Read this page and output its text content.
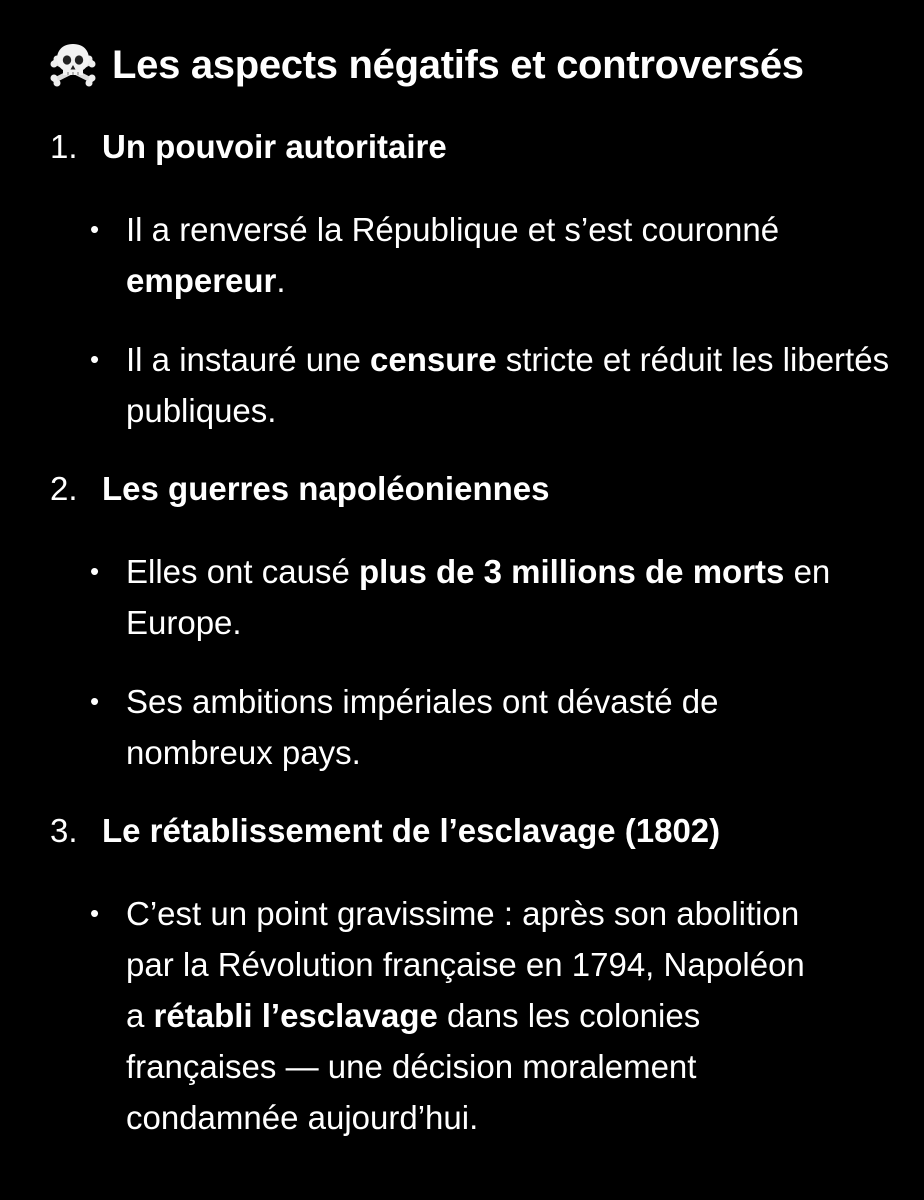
Les aspects négatifs et controversés
1. Un pouvoir autoritaire
• Il a renversé la République et s’est couronné
empereur.
• Il a instauré une censure stricte et réduit les libertés publiques.
2. Les guerres napoléoniennes
• Elles ont causé plus de 3 millions de morts en Europe.
• Ses ambitions impériales ont dévasté de nombreux pays.
3. Le rétablissement de l’esclavage (1802)
• C’est un point gravissime : après son abolition par la Révolution française en 1794, Napoléon a rétabli l’esclavage dans les colonies françaises — une décision moralement condamnée aujourd’hui.
